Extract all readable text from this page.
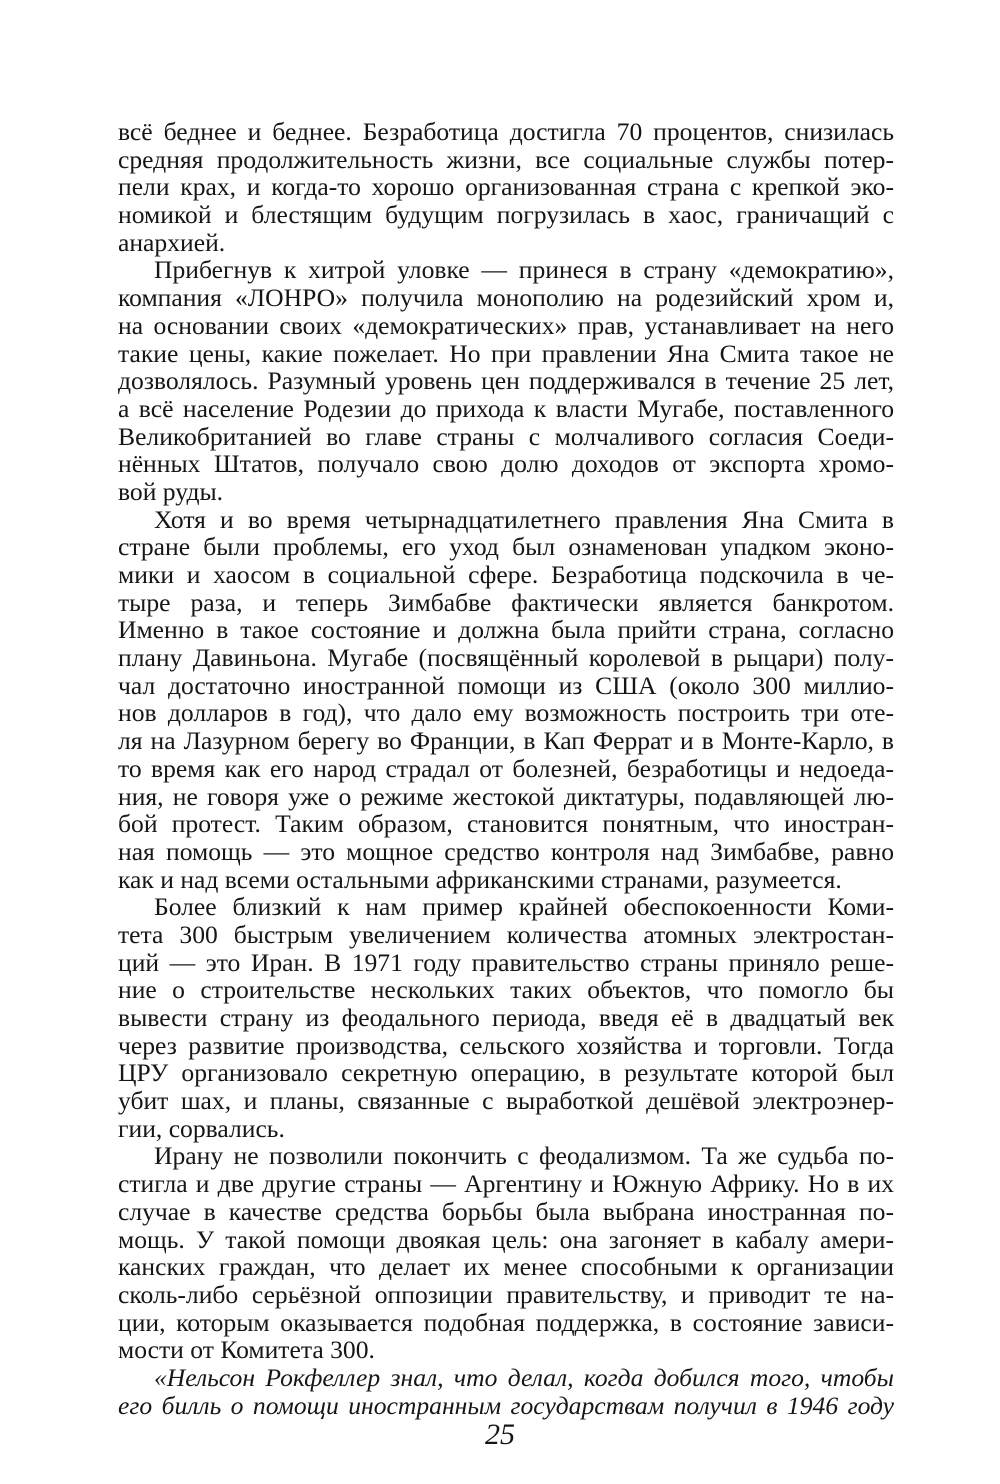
всё беднее и беднее. Безработица достигла 70 процентов, снизилась
средняя продолжительность жизни, все социальные службы потер-
пели крах, и когда-то хорошо организованная страна с крепкой эко-
номикой и блестящим будущим погрузилась в хаос, граничащий с
анархией.
Прибегнув к хитрой уловке — принеся в страну «демократию»,
компания «ЛОНРО» получила монополию на родезийский хром и,
на основании своих «демократических» прав, устанавливает на него
такие цены, какие пожелает. Но при правлении Яна Смита такое не
дозволялось. Разумный уровень цен поддерживался в течение 25 лет,
а всё население Родезии до прихода к власти Мугабе, поставленного
Великобританией во главе страны с молчаливого согласия Соеди-
нённых Штатов, получало свою долю доходов от экспорта хромо-
вой руды.
Хотя и во время четырнадцатилетнего правления Яна Смита в
стране были проблемы, его уход был ознаменован упадком эконо-
мики и хаосом в социальной сфере. Безработица подскочила в че-
тыре раза, и теперь Зимбабве фактически является банкротом.
Именно в такое состояние и должна была прийти страна, согласно
плану Давиньона. Мугабе (посвящённый королевой в рыцари) полу-
чал достаточно иностранной помощи из США (около 300 миллио-
нов долларов в год), что дало ему возможность построить три оте-
ля на Лазурном берегу во Франции, в Кап Феррат и в Монте-Карло, в
то время как его народ страдал от болезней, безработицы и недоеда-
ния, не говоря уже о режиме жестокой диктатуры, подавляющей лю-
бой протест. Таким образом, становится понятным, что иностран-
ная помощь — это мощное средство контроля над Зимбабве, равно
как и над всеми остальными африканскими странами, разумеется.
Более близкий к нам пример крайней обеспокоенности Коми-
тета 300 быстрым увеличением количества атомных электростан-
ций — это Иран. В 1971 году правительство страны приняло реше-
ние о строительстве нескольких таких объектов, что помогло бы
вывести страну из феодального периода, введя её в двадцатый век
через развитие производства, сельского хозяйства и торговли. Тогда
ЦРУ организовало секретную операцию, в результате которой был
убит шах, и планы, связанные с выработкой дешёвой электроэнер-
гии, сорвались.
Ирану не позволили покончить с феодализмом. Та же судьба по-
стигла и две другие страны — Аргентину и Южную Африку. Но в их
случае в качестве средства борьбы была выбрана иностранная по-
мощь. У такой помощи двоякая цель: она загоняет в кабалу амери-
канских граждан, что делает их менее способными к организации
сколь-либо серьёзной оппозиции правительству, и приводит те на-
ции, которым оказывается подобная поддержка, в состояние зависи-
мости от Комитета 300.
«Нельсон Рокфеллер знал, что делал, когда добился того, чтобы
его билль о помощи иностранным государствам получил в 1946 году
25
